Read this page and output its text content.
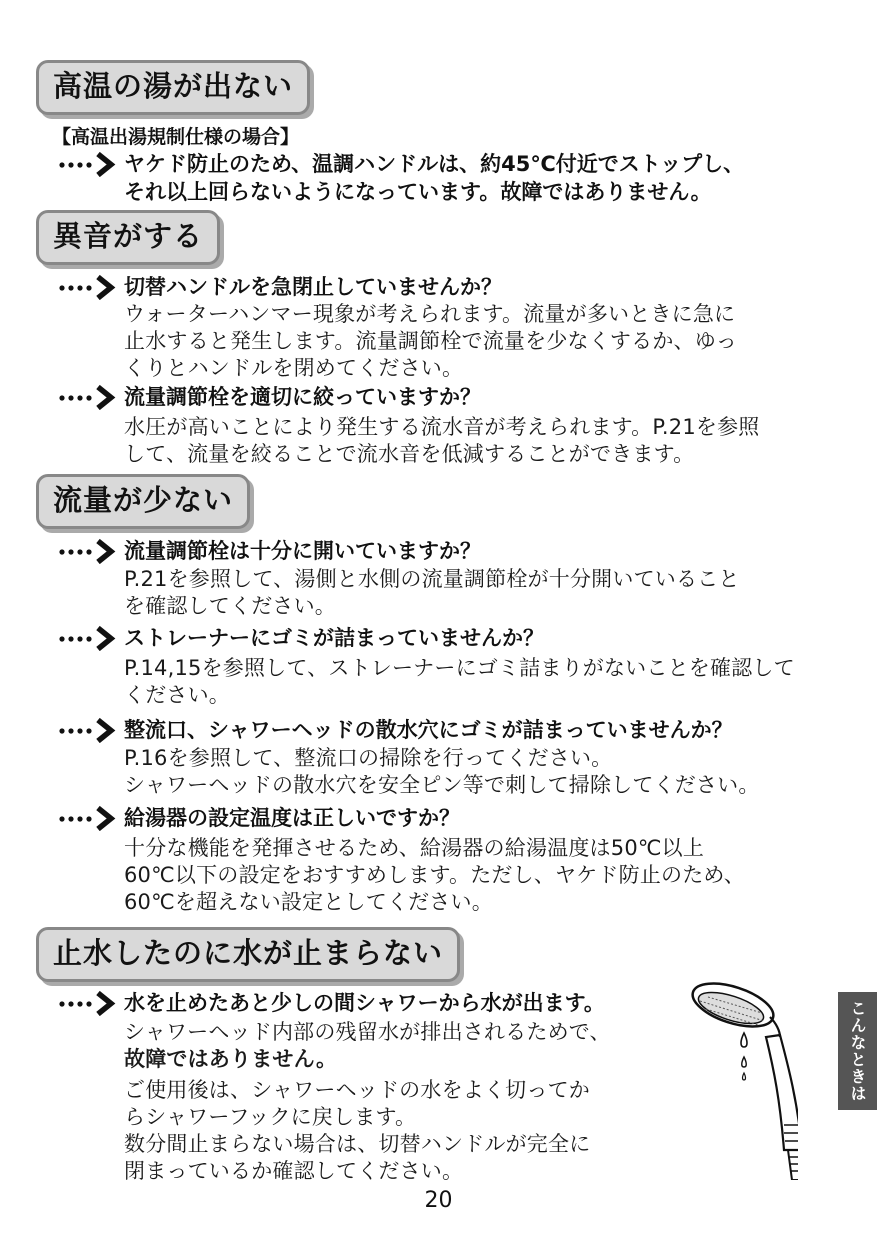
高温の湯が出ない
【高温出湯規制仕様の場合】
ヤケド防止のため、温調ハンドルは、約45℃付近でストップし、
それ以上回らないようになっています。故障ではありません。
異音がする
切替ハンドルを急閉止していませんか？
ウォーターハンマー現象が考えられます。流量が多いときに急に
止水すると発生します。流量調節栓で流量を少なくするか、ゆっ
くりとハンドルを閉めてください。
流量調節栓を適切に絞っていますか？
水圧が高いことにより発生する流水音が考えられます。P.21を参照
して、流量を絞ることで流水音を低減することができます。
流量が少ない
流量調節栓は十分に開いていますか？
P.21を参照して、湯側と水側の流量調節栓が十分開いていること
を確認してください。
ストレーナーにゴミが詰まっていませんか？
P.14,15を参照して、ストレーナーにゴミ詰まりがないことを確認して
ください。
整流口、シャワーヘッドの散水穴にゴミが詰まっていませんか？
P.16を参照して、整流口の掃除を行ってください。
シャワーヘッドの散水穴を安全ピン等で刺して掃除してください。
給湯器の設定温度は正しいですか？
十分な機能を発揮させるため、給湯器の給湯温度は50℃以上
60℃以下の設定をおすすめします。ただし、ヤケド防止のため、
60℃を超えない設定としてください。
止水したのに水が止まらない
水を止めたあと少しの間シャワーから水が出ます。
シャワーヘッド内部の残留水が排出されるためで、
故障ではありません。
ご使用後は、シャワーヘッドの水をよく切ってか
らシャワーフックに戻します。
数分間止まらない場合は、切替ハンドルが完全に
閉まっているか確認してください。
こんなときは
20
